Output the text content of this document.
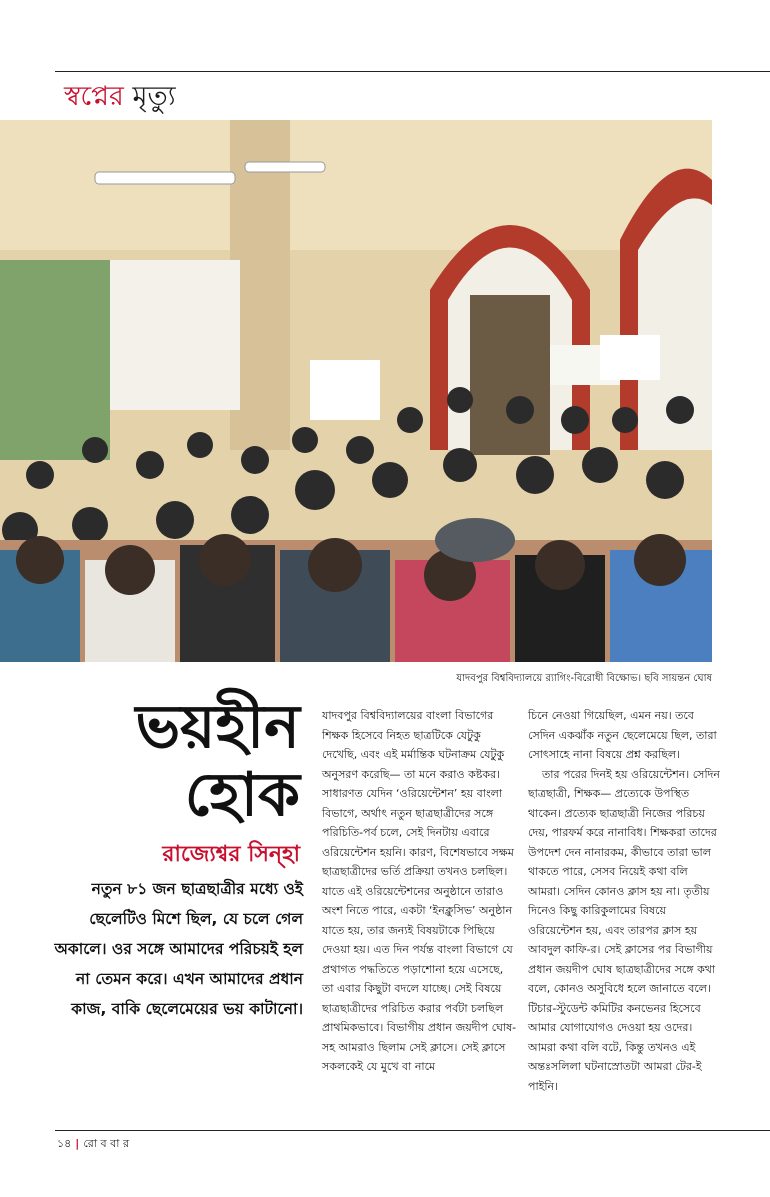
স্বপ্নের মৃত্যু
যাদবপুর বিশ্ববিদ্যালয়ে র‍্যাগিং-বিরোধী বিক্ষোভ। ছবি সায়ন্তন ঘোষ
ভয়হীন
হোক
রাজ্যেশ্বর সিন্‌হা
নতুন ৮১ জন ছাত্রছাত্রীর মধ্যে ওই ছেলেটিও মিশে ছিল, যে চলে গেল অকালে। ওর সঙ্গে আমাদের পরিচয়ই হল না তেমন করে। এখন আমাদের প্রধান কাজ, বাকি ছেলেমেয়ের ভয় কাটানো।

যাদবপুর বিশ্ববিদ্যালয়ের বাংলা বিভাগের শিক্ষক হিসেবে নিহত ছাত্রটিকে যেটুকু দেখেছি, এবং এই মর্মান্তিক ঘটনাক্রম যেটুকু অনুসরণ করেছি— তা মনে করাও কষ্টকর। সাধারণত যেদিন ‘ওরিয়েন্টেশন’ হয় বাংলা বিভাগে, অর্থাৎ নতুন ছাত্রছাত্রীদের সঙ্গে পরিচিতি-পর্ব চলে, সেই দিনটায় এবারে ওরিয়েন্টেশন হয়নি। কারণ, বিশেষভাবে সক্ষম ছাত্রছাত্রীদের ভর্তি প্রক্রিয়া তখনও চলছিল। যাতে এই ওরিয়েন্টেশনের অনুষ্ঠানে তারাও অংশ নিতে পারে, একটা ‘ইনক্লুসিভ’ অনুষ্ঠান যাতে হয়, তার জন্যই বিষয়টাকে পিছিয়ে দেওয়া হয়। এত দিন পর্যন্ত বাংলা বিভাগে যে প্রথাগত পদ্ধতিতে পড়াশোনা হয়ে এসেছে, তা এবার কিছুটা বদলে যাচ্ছে। সেই বিষয়ে ছাত্রছাত্রীদের পরিচিত করার পর্বটা চলছিল প্রাথমিকভাবে। বিভাগীয় প্রধান জয়দীপ ঘোষ-সহ আমরাও ছিলাম সেই ক্লাসে। সেই ক্লাসে সকলকেই যে মুখে বা নামে

চিনে নেওয়া গিয়েছিল, এমন নয়। তবে সেদিন একঝাঁক নতুন ছেলেমেয়ে ছিল, তারা সোৎসাহে নানা বিষয়ে প্রশ্ন করছিল।

তার পরের দিনই হয় ওরিয়েন্টেশন। সেদিন ছাত্রছাত্রী, শিক্ষক— প্রত্যেকে উপস্থিত থাকেন। প্রত্যেক ছাত্রছাত্রী নিজের পরিচয় দেয়, পারফর্ম করে নানাবিধ। শিক্ষকরা তাদের উপদেশ দেন নানারকম, কীভাবে তারা ভাল থাকতে পারে, সেসব নিয়েই কথা বলি আমরা। সেদিন কোনও ক্লাস হয় না। তৃতীয় দিনেও কিছু কারিকুলামের বিষয়ে ওরিয়েন্টেশন হয়, এবং তারপর ক্লাস হয় আবদুল কাফি-র। সেই ক্লাসের পর বিভাগীয় প্রধান জয়দীপ ঘোষ ছাত্রছাত্রীদের সঙ্গে কথা বলে, কোনও অসুবিধে হলে জানাতে বলে। টিচার-স্টুডেন্ট কমিটির কনভেনর হিসেবে আমার যোগাযোগও দেওয়া হয় ওদের। আমরা কথা বলি বটে, কিন্তু তখনও এই অন্তঃসলিলা ঘটনাস্রোতটা আমরা টের-ই পাইনি।

১৪ | রো ব বা র
